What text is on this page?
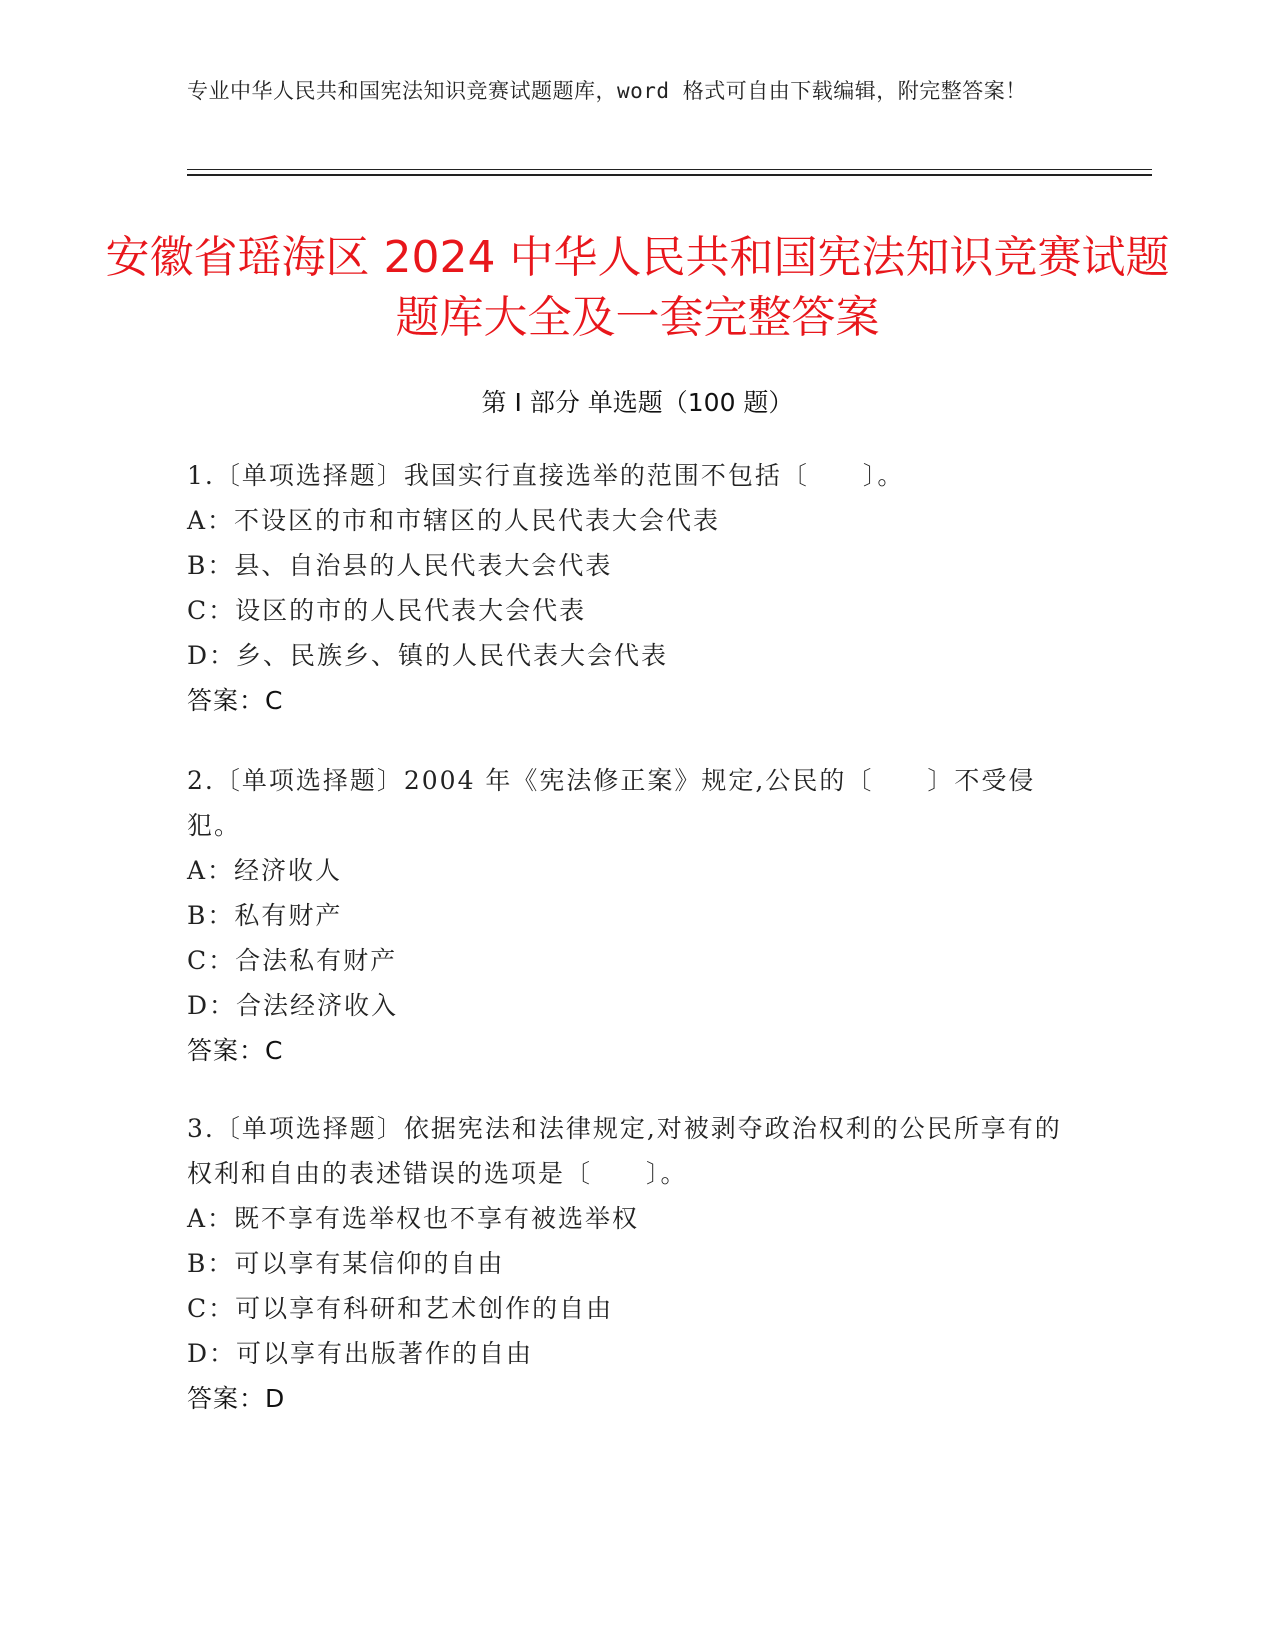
专业中华人民共和国宪法知识竞赛试题题库，word 格式可自由下载编辑，附完整答案！
安徽省瑶海区 2024 中华人民共和国宪法知识竞赛试题题库大全及一套完整答案
第 I 部分 单选题（100 题）

1.〔单项选择题〕我国实行直接选举的范围不包括〔　　〕。

A：不设区的市和市辖区的人民代表大会代表

B：县、自治县的人民代表大会代表

C：设区的市的人民代表大会代表

D：乡、民族乡、镇的人民代表大会代表

答案：C

2.〔单项选择题〕2004 年《宪法修正案》规定,公民的〔　　〕不受侵犯。

A：经济收人

B：私有财产

C：合法私有财产

D：合法经济收入

答案：C

3.〔单项选择题〕依据宪法和法律规定,对被剥夺政治权利的公民所享有的权利和自由的表述错误的选项是〔　　〕。

A：既不享有选举权也不享有被选举权

B：可以享有某信仰的自由

C：可以享有科研和艺术创作的自由

D：可以享有出版著作的自由

答案：D
